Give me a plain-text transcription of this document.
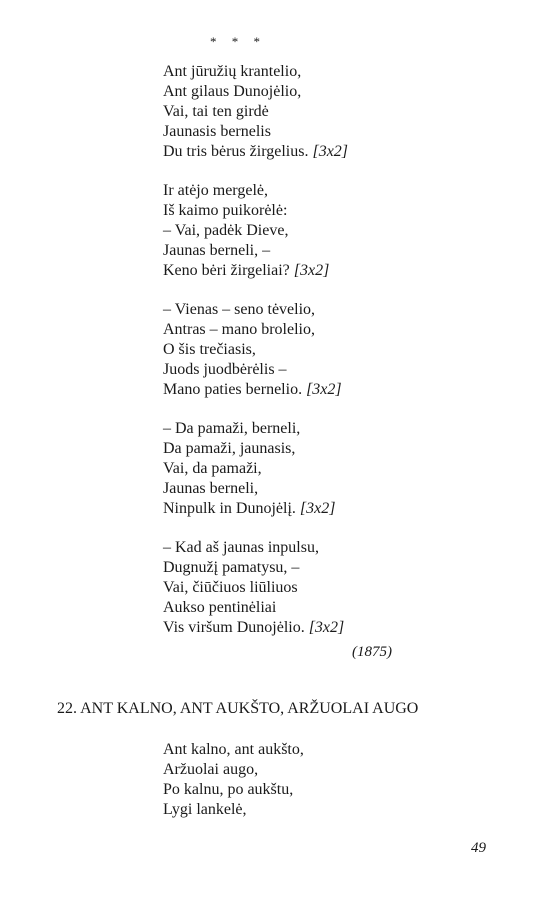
* * *
Ant jūružių krantelio,
Ant gilaus Dunojėlio,
Vai, tai ten girdė
Jaunasis bernelis
Du tris bėrus žirgelius. [3x2]
Ir atėjo mergelė,
Iš kaimo puikorėlė:
– Vai, padėk Dieve,
Jaunas berneli, –
Keno bėri žirgeliai? [3x2]
– Vienas – seno tėvelio,
Antras – mano brolelio,
O šis trečiasis,
Juods juodbėrėlis –
Mano paties bernelio. [3x2]
– Da pamaži, berneli,
Da pamaži, jaunasis,
Vai, da pamaži,
Jaunas berneli,
Ninpulk in Dunojėlį. [3x2]
– Kad aš jaunas inpulsu,
Dugnužį pamatysu, –
Vai, čiūčiuos liūliuos
Aukso pentinėliai
Vis viršum Dunojėlio. [3x2]
(1875)
22. ANT KALNO, ANT AUKŠTO, ARŽUOLAI AUGO
Ant kalno, ant aukšto,
Aržuolai augo,
Po kalnu, po aukštu,
Lygi lankelė,
49
